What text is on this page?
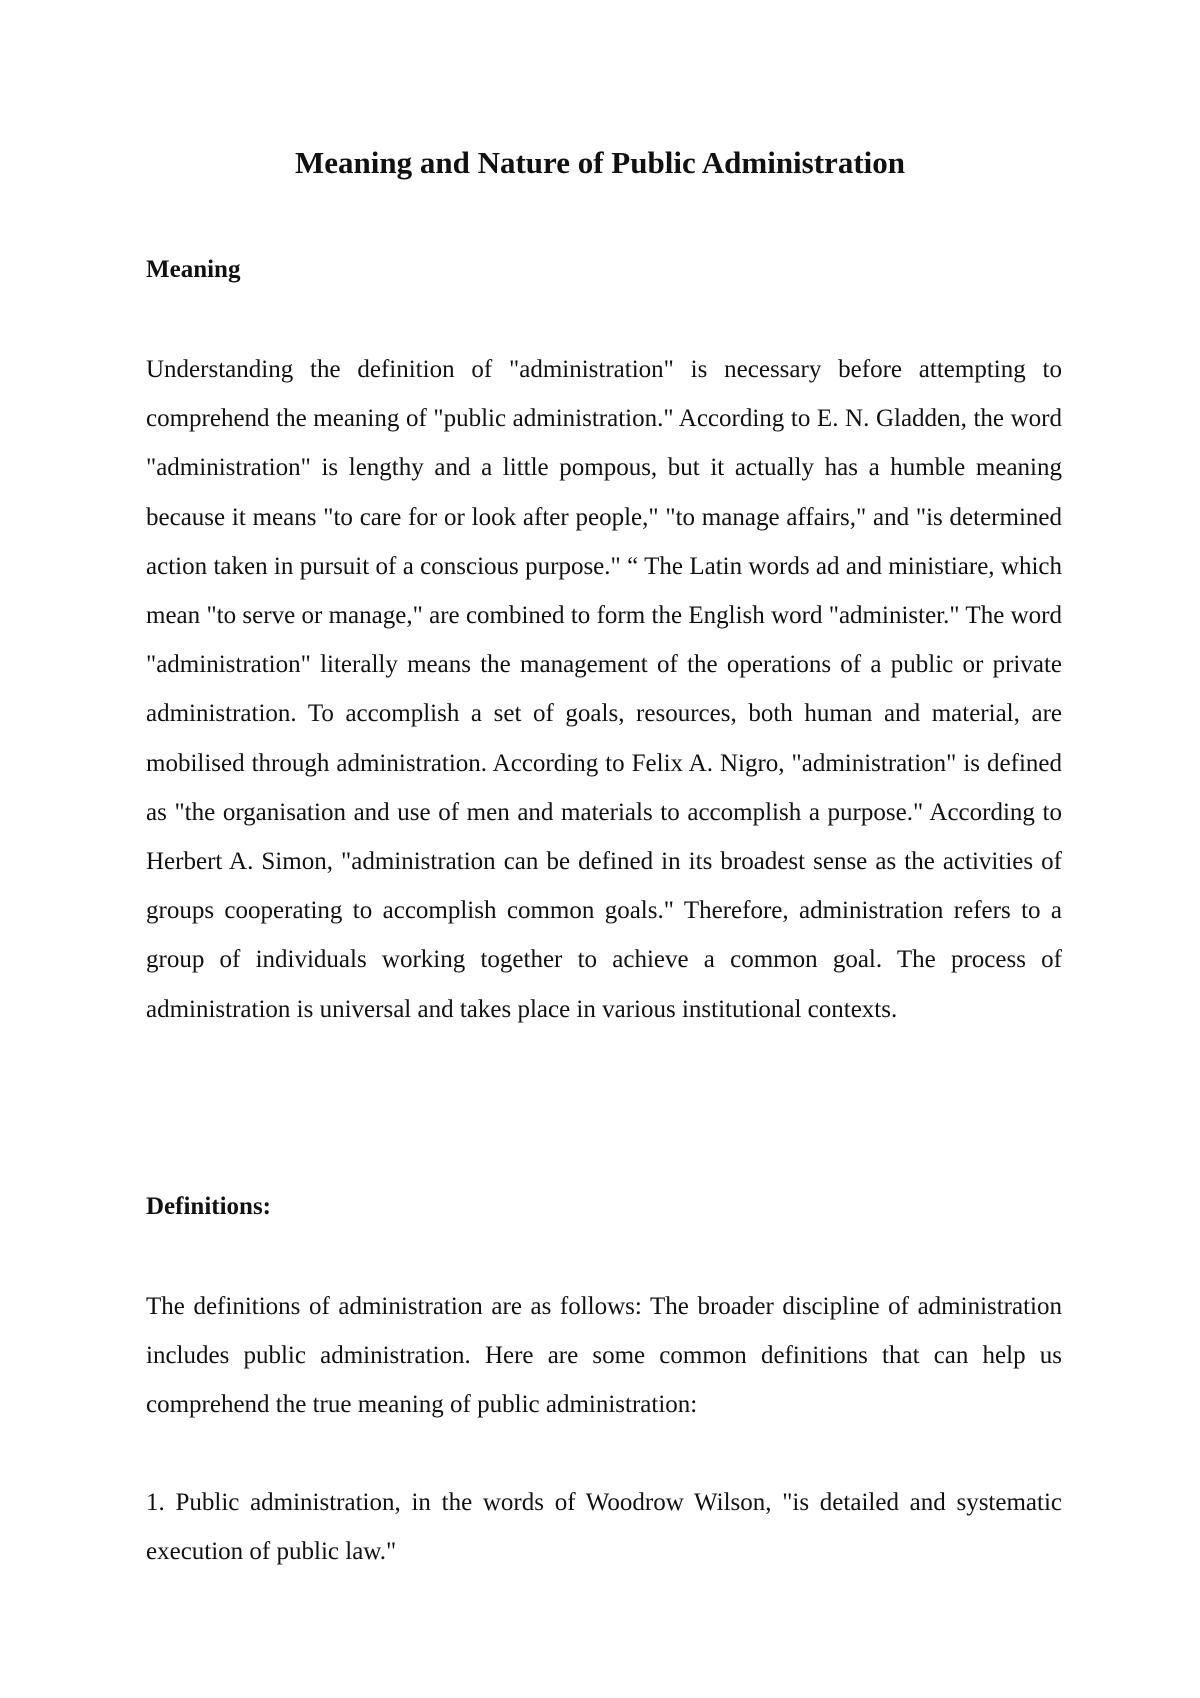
Meaning and Nature of Public Administration
Meaning

Understanding the definition of "administration" is necessary before attempting to comprehend the meaning of "public administration." According to E. N. Gladden, the word "administration" is lengthy and a little pompous, but it actually has a humble meaning because it means "to care for or look after people," "to manage affairs," and "is determined action taken in pursuit of a conscious purpose." “ The Latin words ad and ministiare, which mean "to serve or manage," are combined to form the English word "administer." The word "administration" literally means the management of the operations of a public or private administration. To accomplish a set of goals, resources, both human and material, are mobilised through administration. According to Felix A. Nigro, "administration" is defined as "the organisation and use of men and materials to accomplish a purpose." According to Herbert A. Simon, "administration can be defined in its broadest sense as the activities of groups cooperating to accomplish common goals." Therefore, administration refers to a group of individuals working together to achieve a common goal. The process of administration is universal and takes place in various institutional contexts.

Definitions:

The definitions of administration are as follows: The broader discipline of administration includes public administration. Here are some common definitions that can help us comprehend the true meaning of public administration:

1. Public administration, in the words of Woodrow Wilson, "is detailed and systematic execution of public law."
